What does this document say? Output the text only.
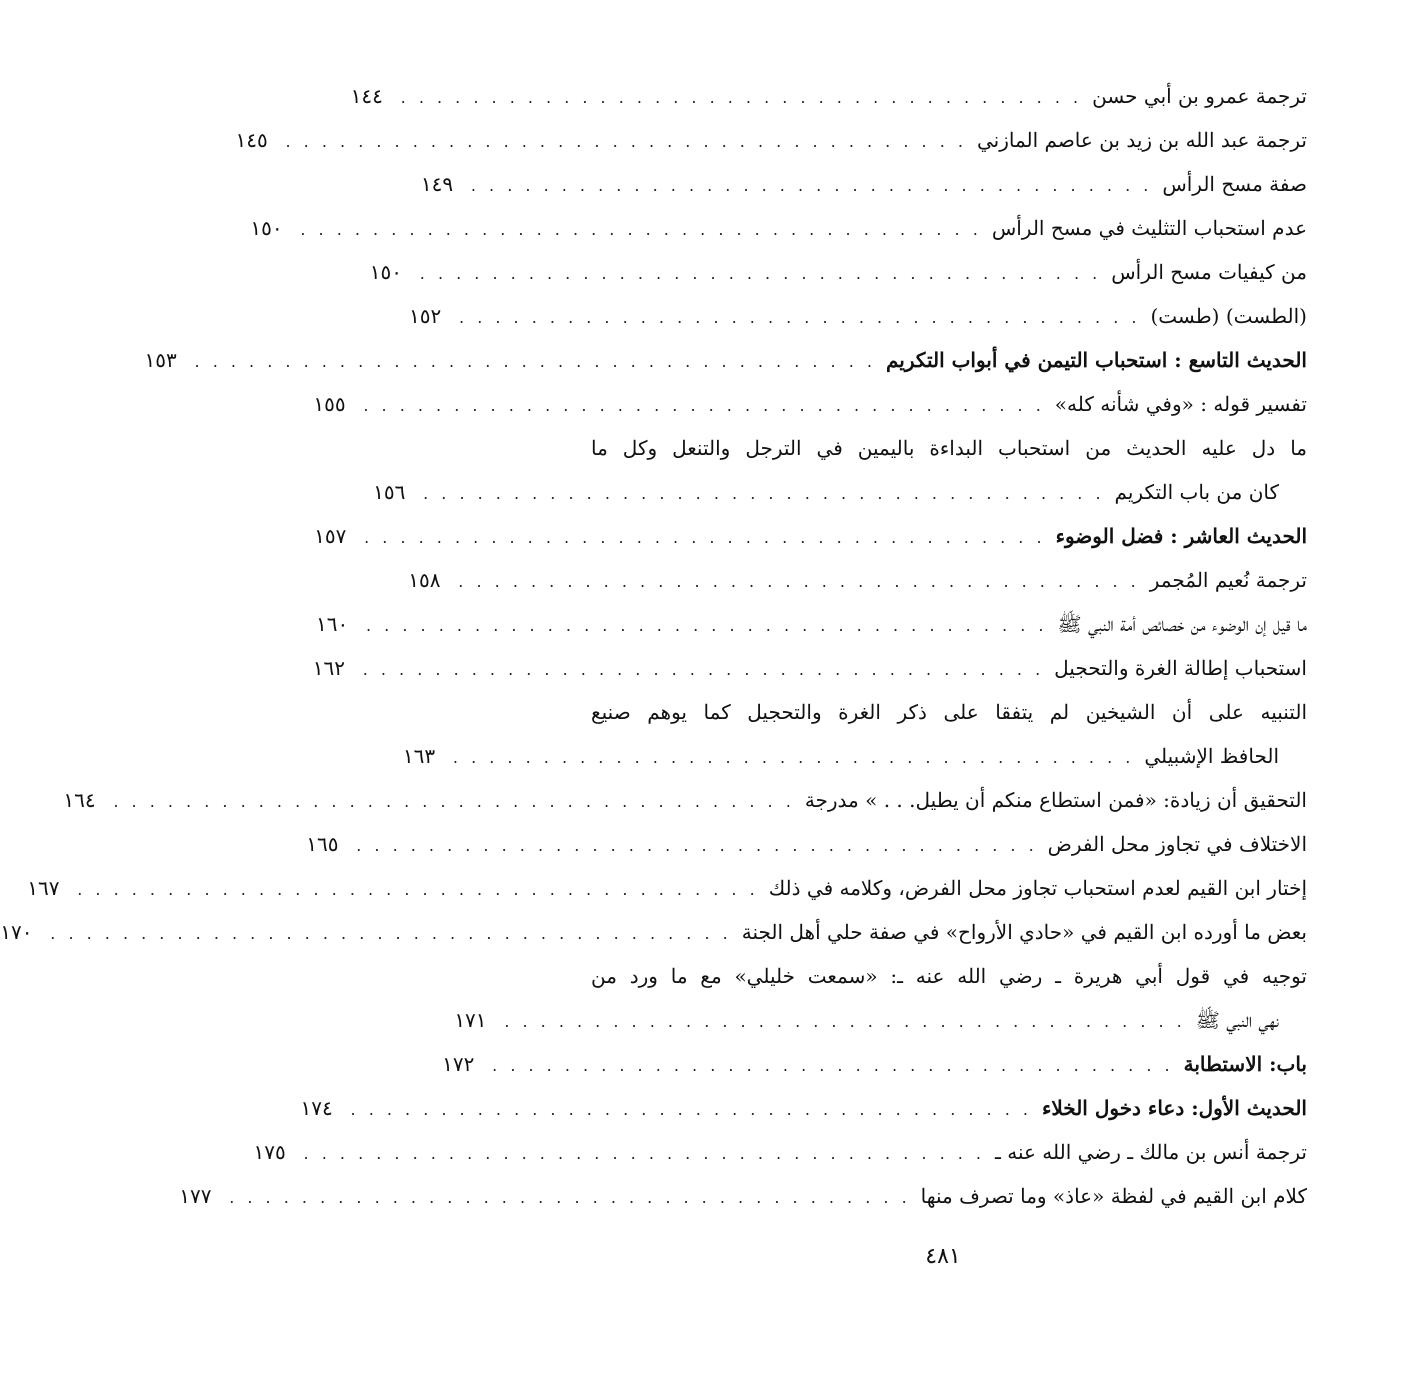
ترجمة عمرو بن أبي حسن
. . . . . . . . . . . . . . . . . . . . . . . . . . . . . . . . . . . . . .
١٤٤
ترجمة عبد الله بن زيد بن عاصم المازني
. . . . . . . . . . . . . . . . . . . . . . . . . . . . . . . . . . . . . .
١٤٥
صفة مسح الرأس
. . . . . . . . . . . . . . . . . . . . . . . . . . . . . . . . . . . . . .
١٤٩
عدم استحباب التثليث في مسح الرأس
. . . . . . . . . . . . . . . . . . . . . . . . . . . . . . . . . . . . . .
١٥٠
من كيفيات مسح الرأس
. . . . . . . . . . . . . . . . . . . . . . . . . . . . . . . . . . . . . .
١٥٠
(الطست) (طست)
. . . . . . . . . . . . . . . . . . . . . . . . . . . . . . . . . . . . . .
١٥٢
الحديث التاسع : استحباب التيمن في أبواب التكريم
. . . . . . . . . . . . . . . . . . . . . . . . . . . . . . . . . . . . . .
١٥٣
تفسير قوله : «وفي شأنه كله»
. . . . . . . . . . . . . . . . . . . . . . . . . . . . . . . . . . . . . .
١٥٥
ما دل عليه الحديث من استحباب البداءة باليمين في الترجل والتنعل وكل ما
كان من باب التكريم
. . . . . . . . . . . . . . . . . . . . . . . . . . . . . . . . . . . . . .
١٥٦
الحديث العاشر : فضل الوضوء
. . . . . . . . . . . . . . . . . . . . . . . . . . . . . . . . . . . . . .
١٥٧
ترجمة نُعيم المُجمر
. . . . . . . . . . . . . . . . . . . . . . . . . . . . . . . . . . . . . .
١٥٨
ما قيل إن الوضوء من خصائص أمة النبي ﷺ
. . . . . . . . . . . . . . . . . . . . . . . . . . . . . . . . . . . . . .
١٦٠
استحباب إطالة الغرة والتحجيل
. . . . . . . . . . . . . . . . . . . . . . . . . . . . . . . . . . . . . .
١٦٢
التنبيه على أن الشيخين لم يتفقا على ذكر الغرة والتحجيل كما يوهم صنيع
الحافظ الإشبيلي
. . . . . . . . . . . . . . . . . . . . . . . . . . . . . . . . . . . . . .
١٦٣
التحقيق أن زيادة: «فمن استطاع منكم أن يطيل. . . » مدرجة
. . . . . . . . . . . . . . . . . . . . . . . . . . . . . . . . . . . . . .
١٦٤
الاختلاف في تجاوز محل الفرض
. . . . . . . . . . . . . . . . . . . . . . . . . . . . . . . . . . . . . .
١٦٥
إختار ابن القيم لعدم استحباب تجاوز محل الفرض، وكلامه في ذلك
. . . . . . . . . . . . . . . . . . . . . . . . . . . . . . . . . . . . . .
١٦٧
بعض ما أورده ابن القيم في «حادي الأرواح» في صفة حلي أهل الجنة
. . . . . . . . . . . . . . . . . . . . . . . . . . . . . . . . . . . . . .
١٧٠
توجيه في قول أبي هريرة ـ رضي الله عنه ـ: «سمعت خليلي» مع ما ورد من
نهي النبي ﷺ
. . . . . . . . . . . . . . . . . . . . . . . . . . . . . . . . . . . . . .
١٧١
باب: الاستطابة
. . . . . . . . . . . . . . . . . . . . . . . . . . . . . . . . . . . . . .
١٧٢
الحديث الأول: دعاء دخول الخلاء
. . . . . . . . . . . . . . . . . . . . . . . . . . . . . . . . . . . . . .
١٧٤
ترجمة أنس بن مالك ـ رضي الله عنه ـ
. . . . . . . . . . . . . . . . . . . . . . . . . . . . . . . . . . . . . .
١٧٥
كلام ابن القيم في لفظة «عاذ» وما تصرف منها
. . . . . . . . . . . . . . . . . . . . . . . . . . . . . . . . . . . . . .
١٧٧
٤٨١
